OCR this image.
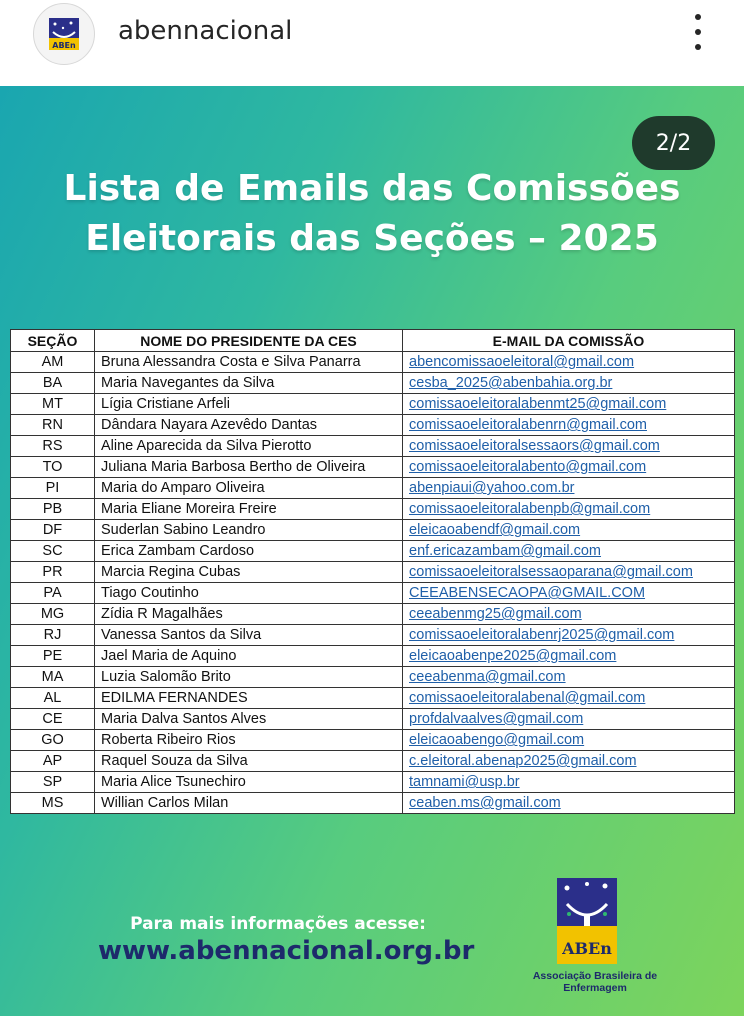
ABEn abennacional
2/2
Lista de Emails das Comissões
Eleitorais das Seções – 2025
SEÇÃO	NOME DO PRESIDENTE DA CES	E-MAIL DA COMISSÃO
AM	Bruna Alessandra Costa e Silva Panarra	abencomissaoeleitoral@gmail.com
BA	Maria Navegantes da Silva	cesba_2025@abenbahia.org.br
MT	Lígia Cristiane Arfeli	comissaoeleitoralabenmt25@gmail.com
RN	Dândara Nayara Azevêdo Dantas	comissaoeleitoralabenrn@gmail.com
RS	Aline Aparecida da Silva Pierotto	comissaoeleitoralsessaors@gmail.com
TO	Juliana Maria Barbosa Bertho de Oliveira	comissaoeleitoralabento@gmail.com
PI	Maria do Amparo Oliveira	abenpiaui@yahoo.com.br
PB	Maria Eliane Moreira Freire	comissaoeleitoralabenpb@gmail.com
DF	Suderlan Sabino Leandro	eleicaoabendf@gmail.com
SC	Erica Zambam Cardoso	enf.ericazambam@gmail.com
PR	Marcia Regina Cubas	comissaoeleitoralsessaoparana@gmail.com
PA	Tiago Coutinho	CEEABENSECAOPA@GMAIL.COM
MG	Zídia R Magalhães	ceeabenmg25@gmail.com
RJ	Vanessa Santos da Silva	comissaoeleitoralabenrj2025@gmail.com
PE	Jael Maria de Aquino	eleicaoabenpe2025@gmail.com
MA	Luzia Salomão Brito	ceeabenma@gmail.com
AL	EDILMA FERNANDES	comissaoeleitoralabenal@gmail.com
CE	Maria Dalva Santos Alves	profdalvaalves@gmail.com
GO	Roberta Ribeiro Rios	eleicaoabengo@gmail.com
AP	Raquel Souza da Silva	c.eleitoral.abenap2025@gmail.com
SP	Maria Alice Tsunechiro	tamnami@usp.br
MS	Willian Carlos Milan	ceaben.ms@gmail.com
Para mais informações acesse:
www.abennacional.org.br	ABEn
Associação Brasileira de Enfermagem
